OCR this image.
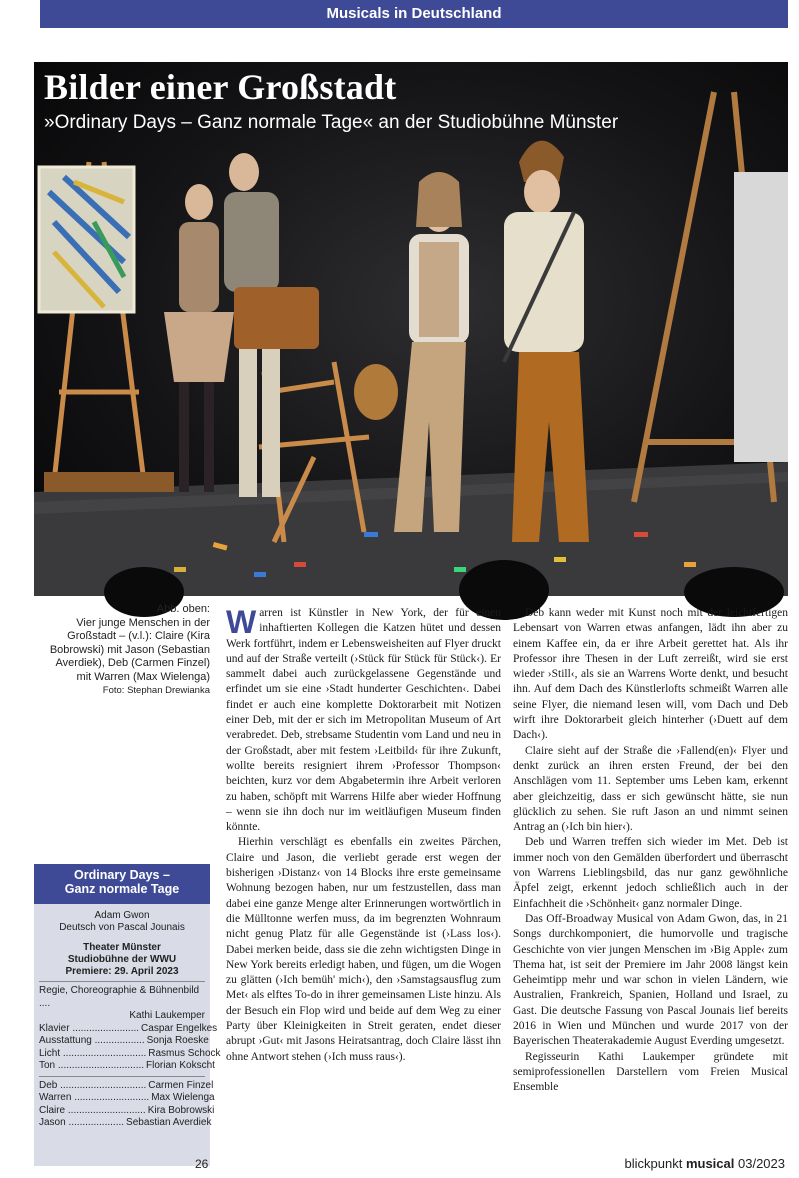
Musicals in Deutschland
Bilder einer Großstadt

»Ordinary Days – Ganz normale Tage« an der Studiobühne Münster

Abb. oben:
Vier junge Menschen in der Großstadt – (v.l.): Claire (Kira Bobrowski) mit Jason (Sebastian Averdiek), Deb (Carmen Finzel) mit Warren (Max Wielenga)
Foto: Stephan Drewianka
Ordinary Days –
Ganz normale Tage
Adam Gwon
Deutsch von Pascal Jounais
Theater Münster
Studiobühne der WWU
Premiere: 29. April 2023
Regie, Choreographie & Bühnenbild ....
Kathi Laukemper
Klavier ........................ Caspar Engelkes
Ausstattung .................. Sonja Roeske
Licht .............................. Rasmus Schock
Ton ............................... Florian Kokscht
Deb ............................... Carmen Finzel
Warren ........................... Max Wielenga
Claire ............................ Kira Bobrowski
Jason .................... Sebastian Averdiek

Warren ist Künstler in New York, der für einen inhaftierten Kollegen die Katzen hütet und dessen Werk fortführt, indem er Lebensweisheiten auf Flyer druckt und auf der Straße verteilt (›Stück für Stück für Stück‹). Er sammelt dabei auch zurückgelassene Gegenstände und erfindet um sie eine ›Stadt hunderter Geschichten‹. Dabei findet er auch eine komplette Doktorarbeit mit Notizen einer Deb, mit der er sich im Metropolitan Museum of Art verabredet. Deb, strebsame Studentin vom Land und neu in der Großstadt, aber mit festem ›Leitbild‹ für ihre Zukunft, wollte bereits resigniert ihrem ›Professor Thompson‹ beichten, kurz vor dem Abgabetermin ihre Arbeit verloren zu haben, schöpft mit Warrens Hilfe aber wieder Hoffnung – wenn sie ihn doch nur im weitläufigen Museum finden könnte.

Hierhin verschlägt es ebenfalls ein zweites Pärchen, Claire und Jason, die verliebt gerade erst wegen der bisherigen ›Distanz‹ von 14 Blocks ihre erste gemeinsame Wohnung bezogen haben, nur um festzustellen, dass man dabei eine ganze Menge alter Erinnerungen wortwörtlich in die Mülltonne werfen muss, da im begrenzten Wohnraum nicht genug Platz für alle Gegenstände ist (›Lass los‹). Dabei merken beide, dass sie die zehn wichtigsten Dinge in New York bereits erledigt haben, und fügen, um die Wogen zu glätten (›Ich bemüh' mich‹), den ›Samstagsausflug zum Met‹ als elftes To-do in ihrer gemeinsamen Liste hinzu. Als der Besuch ein Flop wird und beide auf dem Weg zu einer Party über Kleinigkeiten in Streit geraten, endet dieser abrupt ›Gut‹ mit Jasons Heiratsantrag, doch Claire lässt ihn ohne Antwort stehen (›Ich muss raus‹).

Deb kann weder mit Kunst noch mit der leichtfertigen Lebensart von Warren etwas anfangen, lädt ihn aber zu einem Kaffee ein, da er ihre Arbeit gerettet hat. Als ihr Professor ihre Thesen in der Luft zerreißt, wird sie erst wieder ›Still‹, als sie an Warrens Worte denkt, und besucht ihn. Auf dem Dach des Künstlerlofts schmeißt Warren alle seine Flyer, die niemand lesen will, vom Dach und Deb wirft ihre Doktorarbeit gleich hinterher (›Duett auf dem Dach‹).

Claire sieht auf der Straße die ›Fallend(en)‹ Flyer und denkt zurück an ihren ersten Freund, der bei den Anschlägen vom 11. September ums Leben kam, erkennt aber gleichzeitig, dass er sich gewünscht hätte, sie nun glücklich zu sehen. Sie ruft Jason an und nimmt seinen Antrag an (›Ich bin hier‹).

Deb und Warren treffen sich wieder im Met. Deb ist immer noch von den Gemälden überfordert und überrascht von Warrens Lieblingsbild, das nur ganz gewöhnliche Äpfel zeigt, erkennt jedoch schließlich auch in der Einfachheit die ›Schönheit‹ ganz normaler Dinge.

Das Off-Broadway Musical von Adam Gwon, das, in 21 Songs durchkomponiert, die humorvolle und tragische Geschichte von vier jungen Menschen im ›Big Apple‹ zum Thema hat, ist seit der Premiere im Jahr 2008 längst kein Geheimtipp mehr und war schon in vielen Ländern, wie Australien, Frankreich, Spanien, Holland und Israel, zu Gast. Die deutsche Fassung von Pascal Jounais lief bereits 2016 in Wien und München und wurde 2017 von der Bayerischen Theaterakademie August Everding umgesetzt.

Regisseurin Kathi Laukemper gründete mit semiprofessionellen Darstellern vom Freien Musical Ensemble

26	blickpunkt musical 03/2023
